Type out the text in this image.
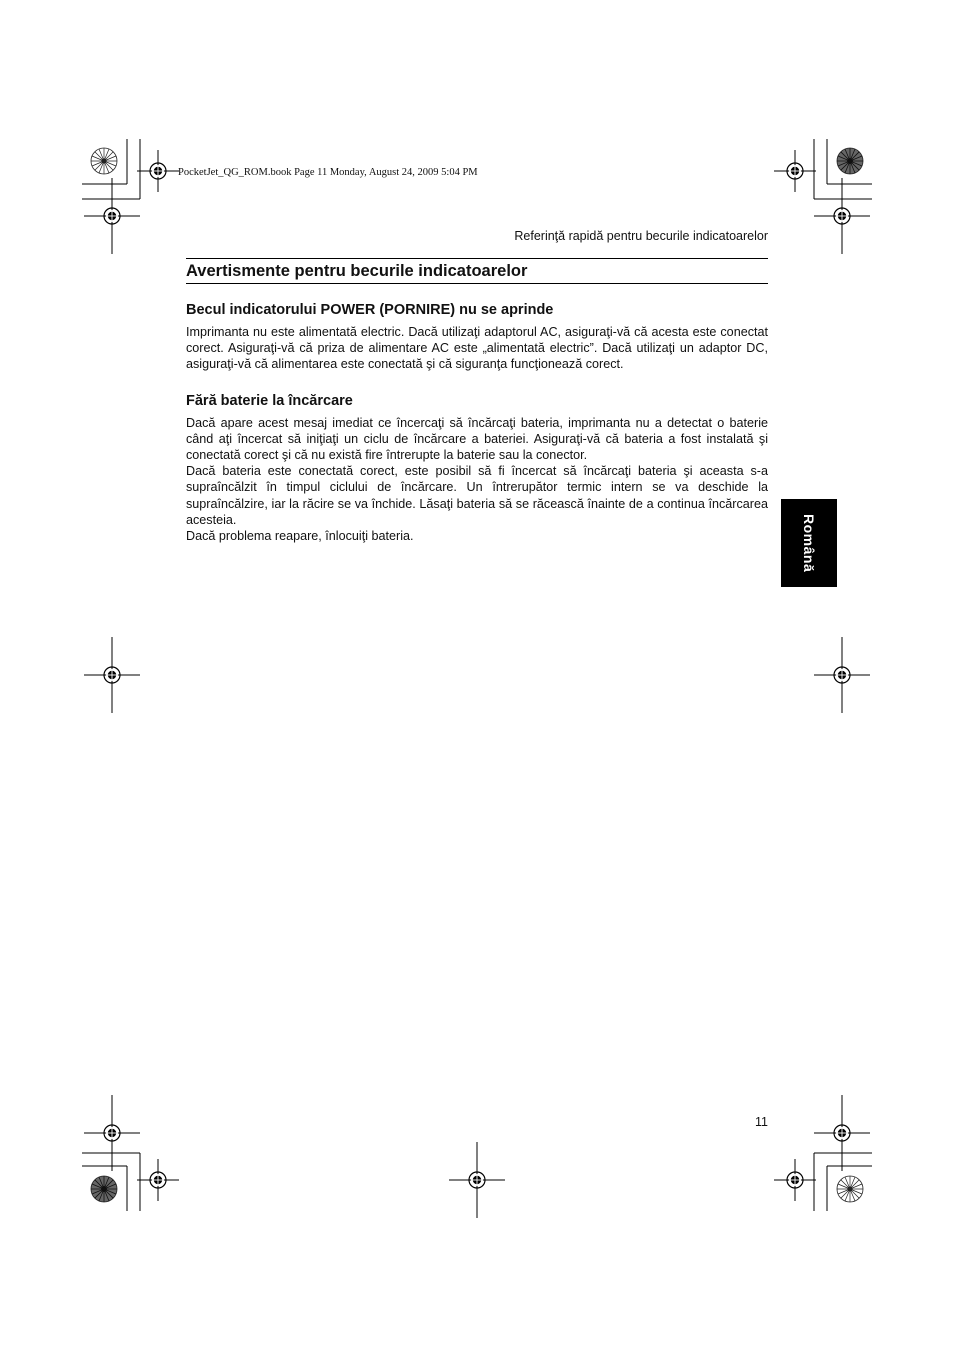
PocketJet_QG_ROM.book Page 11 Monday, August 24, 2009 5:04 PM
Referinţă rapidă pentru becurile indicatoarelor
Avertismente pentru becurile indicatoarelor
Becul indicatorului POWER (PORNIRE) nu se aprinde

Imprimanta nu este alimentată electric. Dacă utilizaţi adaptorul AC, asiguraţi-vă că acesta este conectat corect. Asiguraţi-vă că priza de alimentare AC este „alimentată electric”. Dacă utilizaţi un adaptor DC, asiguraţi-vă că alimentarea este conectată şi că siguranţa funcţionează corect.

Fără baterie la încărcare

Dacă apare acest mesaj imediat ce încercaţi să încărcaţi bateria, imprimanta nu a detectat o baterie când aţi încercat să iniţiaţi un ciclu de încărcare a bateriei. Asiguraţi-vă că bateria a fost instalată şi conectată corect şi că nu există fire întrerupte la baterie sau la conector.

Dacă bateria este conectată corect, este posibil să fi încercat să încărcaţi bateria şi aceasta s-a supraîncălzit în timpul ciclului de încărcare. Un întrerupător termic intern se va deschide la supraîncălzire, iar la răcire se va închide. Lăsaţi bateria să se răcească înainte de a continua încărcarea acesteia.

Dacă problema reapare, înlocuiţi bateria.	Română
11
